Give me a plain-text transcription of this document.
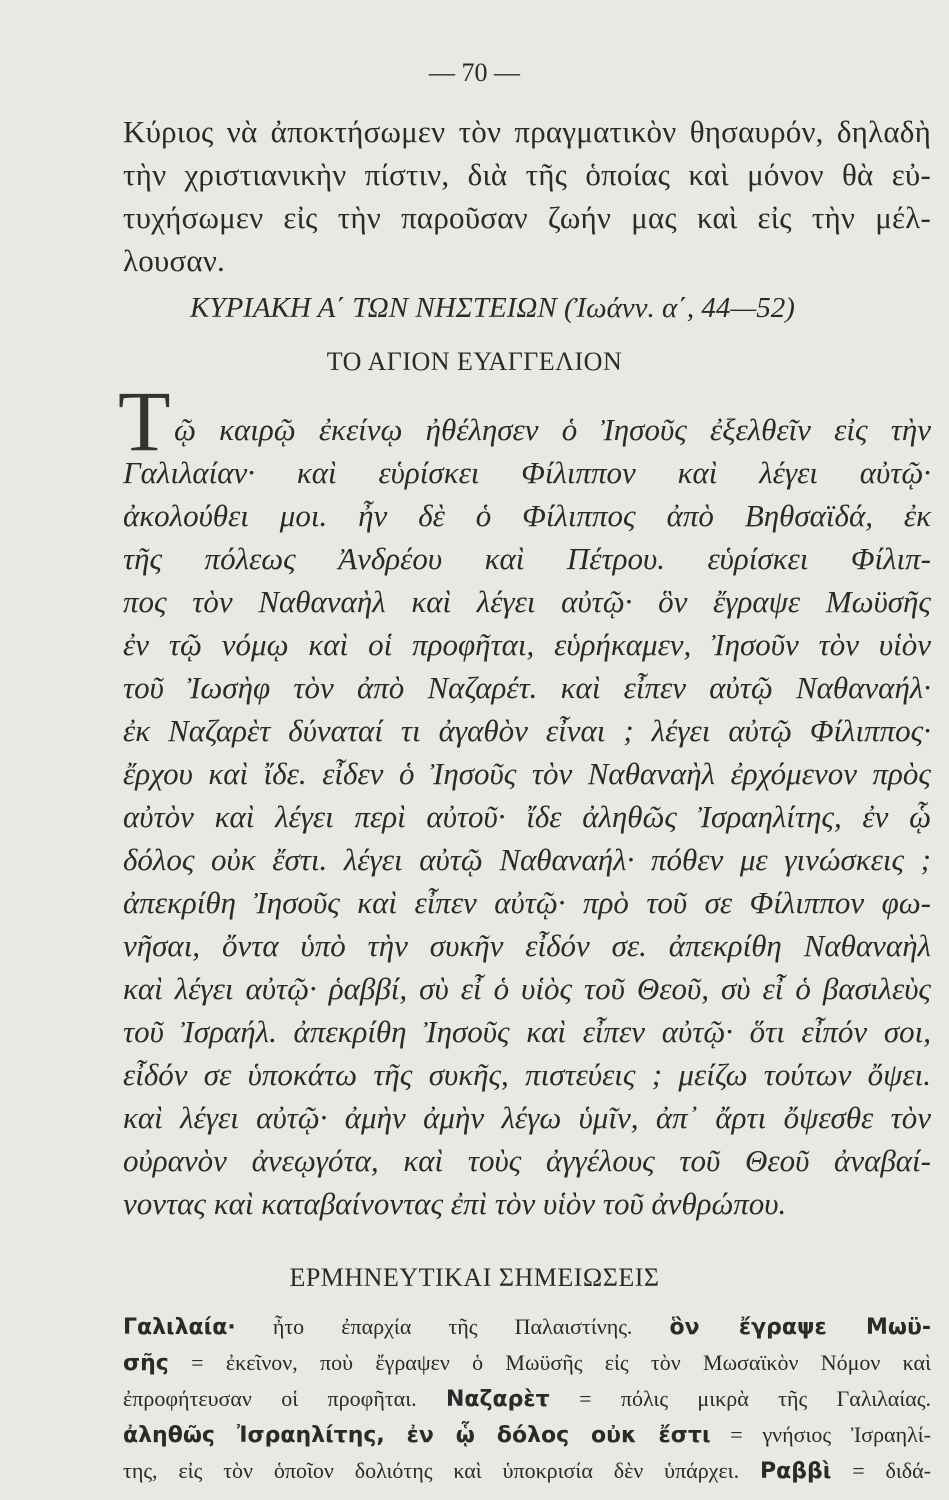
— 70 —

Κύριος νὰ ἀποκτήσωμεν τὸν πραγματικὸν θησαυρόν, δηλαδὴ

τὴν χριστιανικὴν πίστιν, διὰ τῆς ὁποίας καὶ μόνον θὰ εὐ-

τυχήσωμεν εἰς τὴν παροῦσαν ζωήν μας καὶ εἰς τὴν μέλ-

λουσαν.

ΚΥΡΙΑΚΗ Α΄ ΤΩΝ ΝΗΣΤΕΙΩΝ (Ἰωάνν. α΄, 44—52)

ΤΟ ΑΓΙΟΝ ΕΥΑΓΓΕΛΙΟΝ

Τ ῷ καιρῷ ἐκείνῳ ἠθέλησεν ὁ Ἰησοῦς ἐξελθεῖν εἰς τὴν

Γαλιλαίαν· καὶ εὑρίσκει Φίλιππον καὶ λέγει αὐτῷ·

ἀκολούθει μοι. ἦν δὲ ὁ Φίλιππος ἀπὸ Βηθσαϊδά, ἐκ

τῆς πόλεως Ἀνδρέου καὶ Πέτρου. εὑρίσκει Φίλιπ-

πος τὸν Ναθαναὴλ καὶ λέγει αὐτῷ· ὃν ἔγραψε Μωϋσῆς

ἐν τῷ νόμῳ καὶ οἱ προφῆται, εὑρήκαμεν, Ἰησοῦν τὸν υἱὸν

τοῦ Ἰωσὴφ τὸν ἀπὸ Ναζαρέτ. καὶ εἶπεν αὐτῷ Ναθαναήλ·

ἐκ Ναζαρὲτ δύναταί τι ἀγαθὸν εἶναι ; λέγει αὐτῷ Φίλιππος·

ἔρχου καὶ ἴδε. εἶδεν ὁ Ἰησοῦς τὸν Ναθαναὴλ ἐρχόμενον πρὸς

αὐτὸν καὶ λέγει περὶ αὐτοῦ· ἴδε ἀληθῶς Ἰσραηλίτης, ἐν ᾧ

δόλος οὐκ ἔστι. λέγει αὐτῷ Ναθαναήλ· πόθεν με γινώσκεις ;

ἀπεκρίθη Ἰησοῦς καὶ εἶπεν αὐτῷ· πρὸ τοῦ σε Φίλιππον φω-

νῆσαι, ὄντα ὑπὸ τὴν συκῆν εἶδόν σε. ἀπεκρίθη Ναθαναὴλ

καὶ λέγει αὐτῷ· ῥαββί, σὺ εἶ ὁ υἱὸς τοῦ Θεοῦ, σὺ εἶ ὁ βασιλεὺς

τοῦ Ἰσραήλ. ἀπεκρίθη Ἰησοῦς καὶ εἶπεν αὐτῷ· ὅτι εἶπόν σοι,

εἶδόν σε ὑποκάτω τῆς συκῆς, πιστεύεις ; μείζω τούτων ὄψει.

καὶ λέγει αὐτῷ· ἀμὴν ἀμὴν λέγω ὑμῖν, ἀπ᾿ ἄρτι ὄψεσθε τὸν

οὐρανὸν ἀνεῳγότα, καὶ τοὺς ἀγγέλους τοῦ Θεοῦ ἀναβαί-

νοντας καὶ καταβαίνοντας ἐπὶ τὸν υἱὸν τοῦ ἀνθρώπου.

ΕΡΜΗΝΕΥΤΙΚΑΙ ΣΗΜΕΙΩΣΕΙΣ

Γαλιλαία· ἦτο ἐπαρχία τῆς Παλαιστίνης. ὃν ἔγραψε Μωϋ-

σῆς = ἐκεῖνον, ποὺ ἔγραψεν ὁ Μωϋσῆς εἰς τὸν Μωσαϊκὸν Νόμον καὶ

ἐπροφήτευσαν οἱ προφῆται. Ναζαρὲτ = πόλις μικρὰ τῆς Γαλιλαίας.

ἀληθῶς Ἰσραηλίτης, ἐν ᾧ δόλος οὐκ ἔστι = γνήσιος Ἰσραηλί-

της, εἰς τὸν ὁποῖον δολιότης καὶ ὑποκρισία δὲν ὑπάρχει. Ραββὶ = διδά-
